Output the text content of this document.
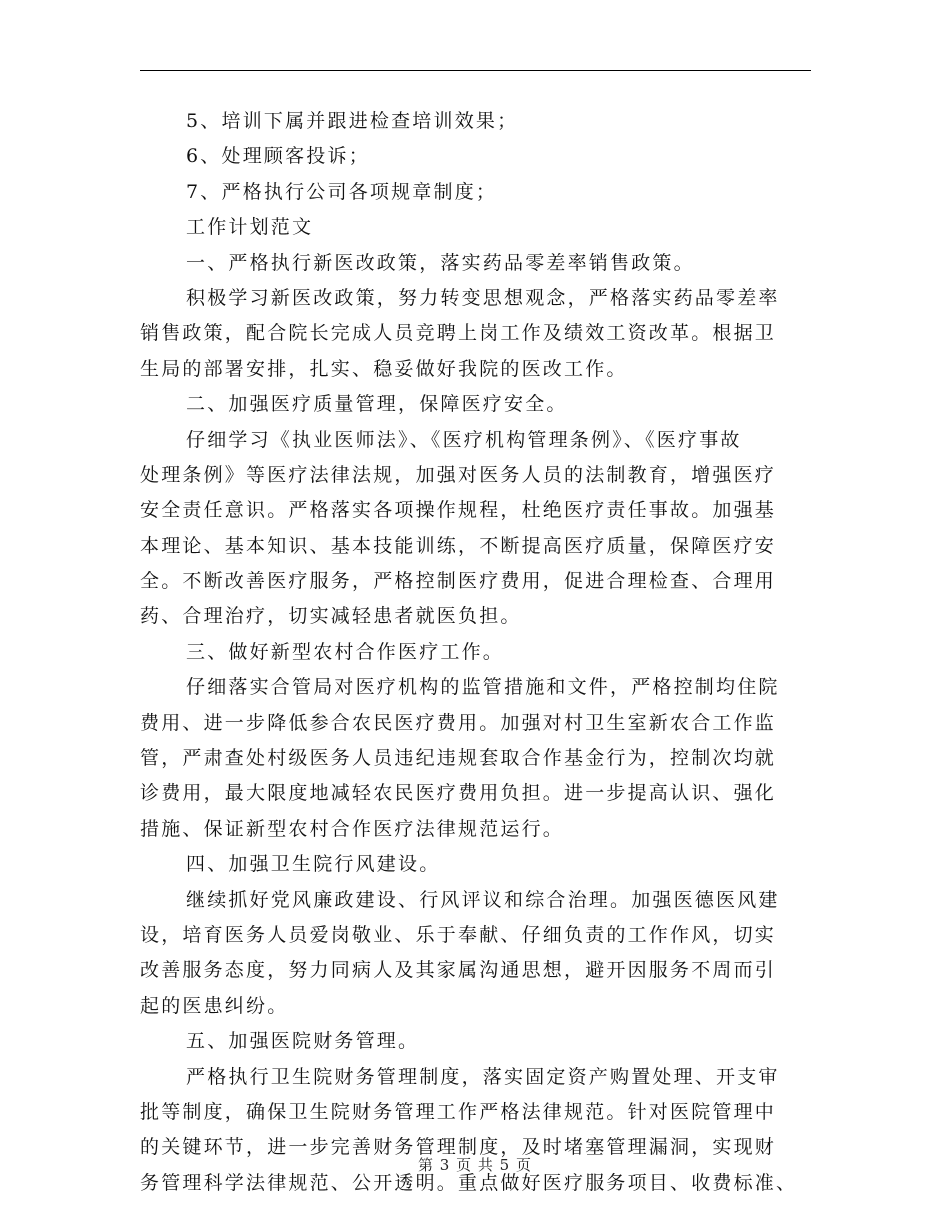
5、培训下属并跟进检查培训效果；
6、处理顾客投诉；
7、严格执行公司各项规章制度；
工作计划范文
一、严格执行新医改政策，落实药品零差率销售政策。
积极学习新医改政策，努力转变思想观念，严格落实药品零差率
销售政策，配合院长完成人员竞聘上岗工作及绩效工资改革。根据卫
生局的部署安排，扎实、稳妥做好我院的医改工作。
二、加强医疗质量管理，保障医疗安全。
仔细学习《执业医师法》、《医疗机构管理条例》、《医疗事故
处理条例》等医疗法律法规，加强对医务人员的法制教育，增强医疗
安全责任意识。严格落实各项操作规程，杜绝医疗责任事故。加强基
本理论、基本知识、基本技能训练，不断提高医疗质量，保障医疗安
全。不断改善医疗服务，严格控制医疗费用，促进合理检查、合理用
药、合理治疗，切实减轻患者就医负担。
三、做好新型农村合作医疗工作。
仔细落实合管局对医疗机构的监管措施和文件，严格控制均住院
费用、进一步降低参合农民医疗费用。加强对村卫生室新农合工作监
管，严肃查处村级医务人员违纪违规套取合作基金行为，控制次均就
诊费用，最大限度地减轻农民医疗费用负担。进一步提高认识、强化
措施、保证新型农村合作医疗法律规范运行。
四、加强卫生院行风建设。
继续抓好党风廉政建设、行风评议和综合治理。加强医德医风建
设，培育医务人员爱岗敬业、乐于奉献、仔细负责的工作作风，切实
改善服务态度，努力同病人及其家属沟通思想，避开因服务不周而引
起的医患纠纷。
五、加强医院财务管理。
严格执行卫生院财务管理制度，落实固定资产购置处理、开支审
批等制度，确保卫生院财务管理工作严格法律规范。针对医院管理中
的关键环节，进一步完善财务管理制度，及时堵塞管理漏洞，实现财
务管理科学法律规范、公开透明。重点做好医疗服务项目、收费标准、
第 3 页 共 5 页
